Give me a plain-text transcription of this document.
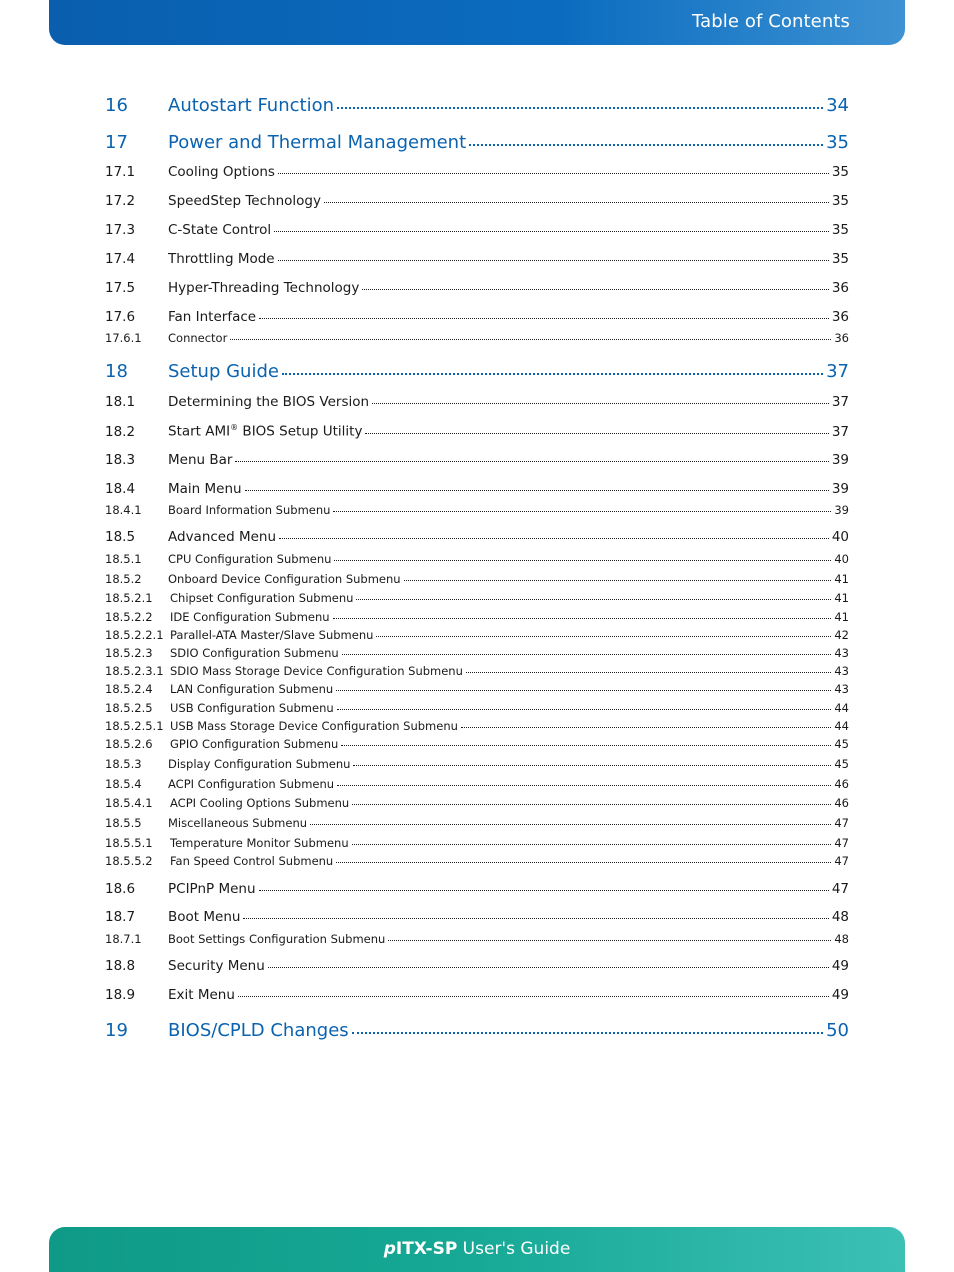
Table of Contents
16	Autostart Function	34
17	Power and Thermal Management	35
17.1	Cooling Options	35
17.2	SpeedStep Technology	35
17.3	C-State Control	35
17.4	Throttling Mode	35
17.5	Hyper-Threading Technology	36
17.6	Fan Interface	36
17.6.1	Connector	36
18	Setup Guide	37
18.1	Determining the BIOS Version	37
18.2	Start AMI® BIOS Setup Utility	37
18.3	Menu Bar	39
18.4	Main Menu	39
18.4.1	Board Information Submenu	39
18.5	Advanced Menu	40
18.5.1	CPU Configuration Submenu	40
18.5.2	Onboard Device Configuration Submenu	41
18.5.2.1	Chipset Configuration Submenu	41
18.5.2.2	IDE Configuration Submenu	41
18.5.2.2.1 Parallel-ATA Master/Slave Submenu	42
18.5.2.3	SDIO Configuration Submenu	43
18.5.2.3.1 SDIO Mass Storage Device Configuration Submenu	43
18.5.2.4	LAN Configuration Submenu	43
18.5.2.5	USB Configuration Submenu	44
18.5.2.5.1 USB Mass Storage Device Configuration Submenu	44
18.5.2.6	GPIO Configuration Submenu	45
18.5.3	Display Configuration Submenu	45
18.5.4	ACPI Configuration Submenu	46
18.5.4.1	ACPI Cooling Options Submenu	46
18.5.5	Miscellaneous Submenu	47
18.5.5.1	Temperature Monitor Submenu	47
18.5.5.2	Fan Speed Control Submenu	47
18.6	PCIPnP Menu	47
18.7	Boot Menu	48
18.7.1	Boot Settings Configuration Submenu	48
18.8	Security Menu	49
18.9	Exit Menu	49
19	BIOS/CPLD Changes	50
pITX-SP User's Guide
